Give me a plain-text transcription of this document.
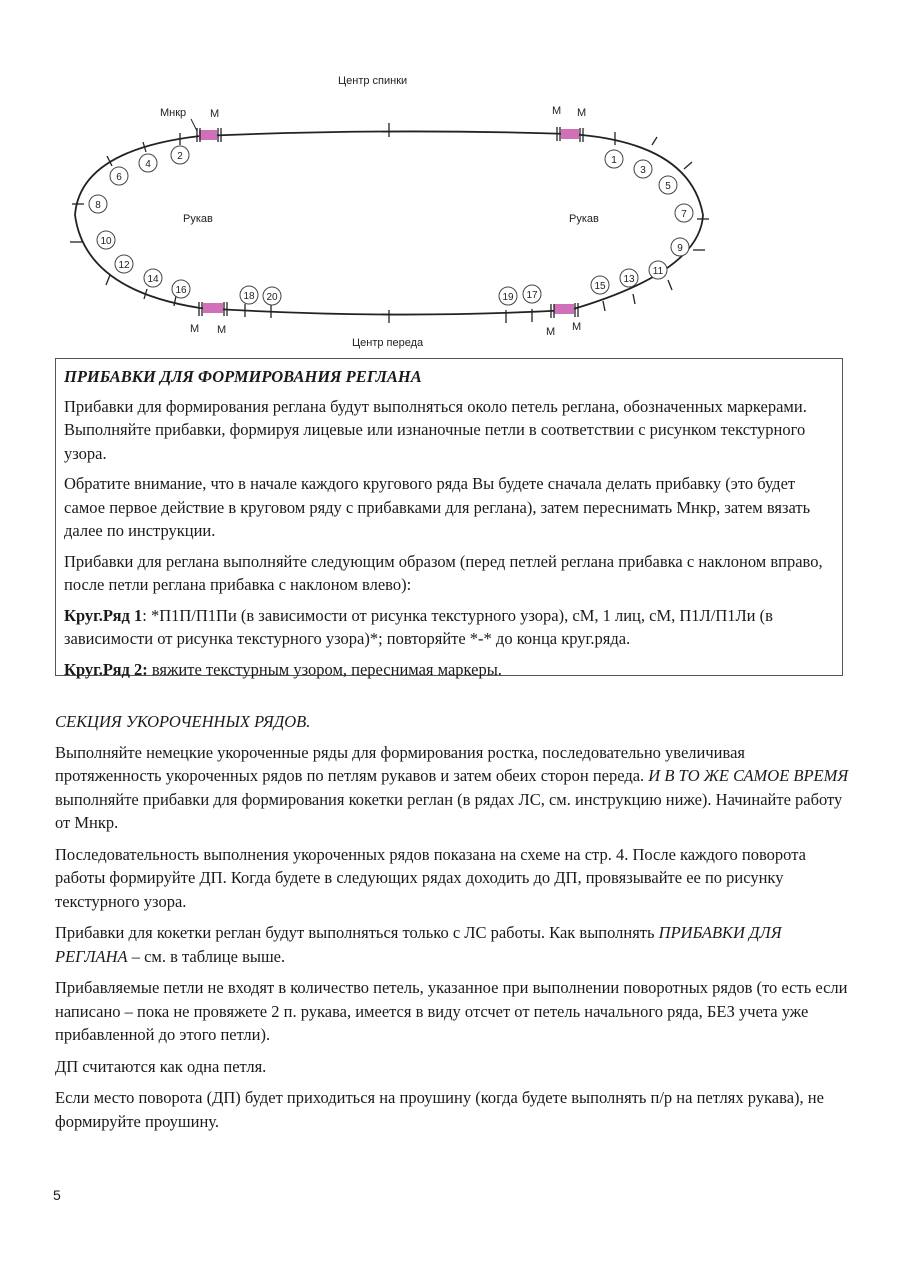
Центр спинки
Центр переда
Рукав	Рукав
Мнкр М	М М
М М	М М
2
4
6
8
10
12
14
16
18 20
1
3
5
7
9
11
13
15
17
19

ПРИБАВКИ ДЛЯ ФОРМИРОВАНИЯ РЕГЛАНА

Прибавки для формирования реглана будут выполняться около петель реглана, обозначенных маркерами. Выполняйте прибавки, формируя лицевые или изнаночные петли в соответствии с рисунком текстурного узора.

Обратите внимание, что в начале каждого кругового ряда Вы будете сначала делать прибавку (это будет самое первое действие в круговом ряду с прибавками для реглана), затем переснимать Мнкр, затем вязать далее по инструкции.

Прибавки для реглана выполняйте следующим образом (перед петлей реглана прибавка с наклоном вправо, после петли реглана прибавка с наклоном влево):

Круг.Ряд 1: *П1П/П1Пи (в зависимости от рисунка текстурного узора), сМ, 1 лиц, сМ, П1Л/П1Ли (в зависимости от рисунка текстурного узора)*; повторяйте *-* до конца круг.ряда.

Круг.Ряд 2: вяжите текстурным узором, переснимая маркеры.

СЕКЦИЯ УКОРОЧЕННЫХ РЯДОВ.

Выполняйте немецкие укороченные ряды для формирования ростка, последовательно увеличивая протяженность укороченных рядов по петлям рукавов и затем обеих сторон переда. И В ТО ЖЕ САМОЕ ВРЕМЯ выполняйте прибавки для формирования кокетки реглан (в рядах ЛС, см. инструкцию ниже). Начинайте работу от Мнкр.

Последовательность выполнения укороченных рядов показана на схеме на стр. 4. После каждого поворота работы формируйте ДП. Когда будете в следующих рядах доходить до ДП, провязывайте ее по рисунку текстурного узора.

Прибавки для кокетки реглан будут выполняться только с ЛС работы. Как выполнять ПРИБАВКИ ДЛЯ РЕГЛАНА – см. в таблице выше.

Прибавляемые петли не входят в количество петель, указанное при выполнении поворотных рядов (то есть если написано – пока не провяжете 2 п. рукава, имеется в виду отсчет от петель начального ряда, БЕЗ учета уже прибавленной до этого петли).

ДП считаются как одна петля.

Если место поворота (ДП) будет приходиться на проушину (когда будете выполнять п/р на петлях рукава), не формируйте проушину.

5
